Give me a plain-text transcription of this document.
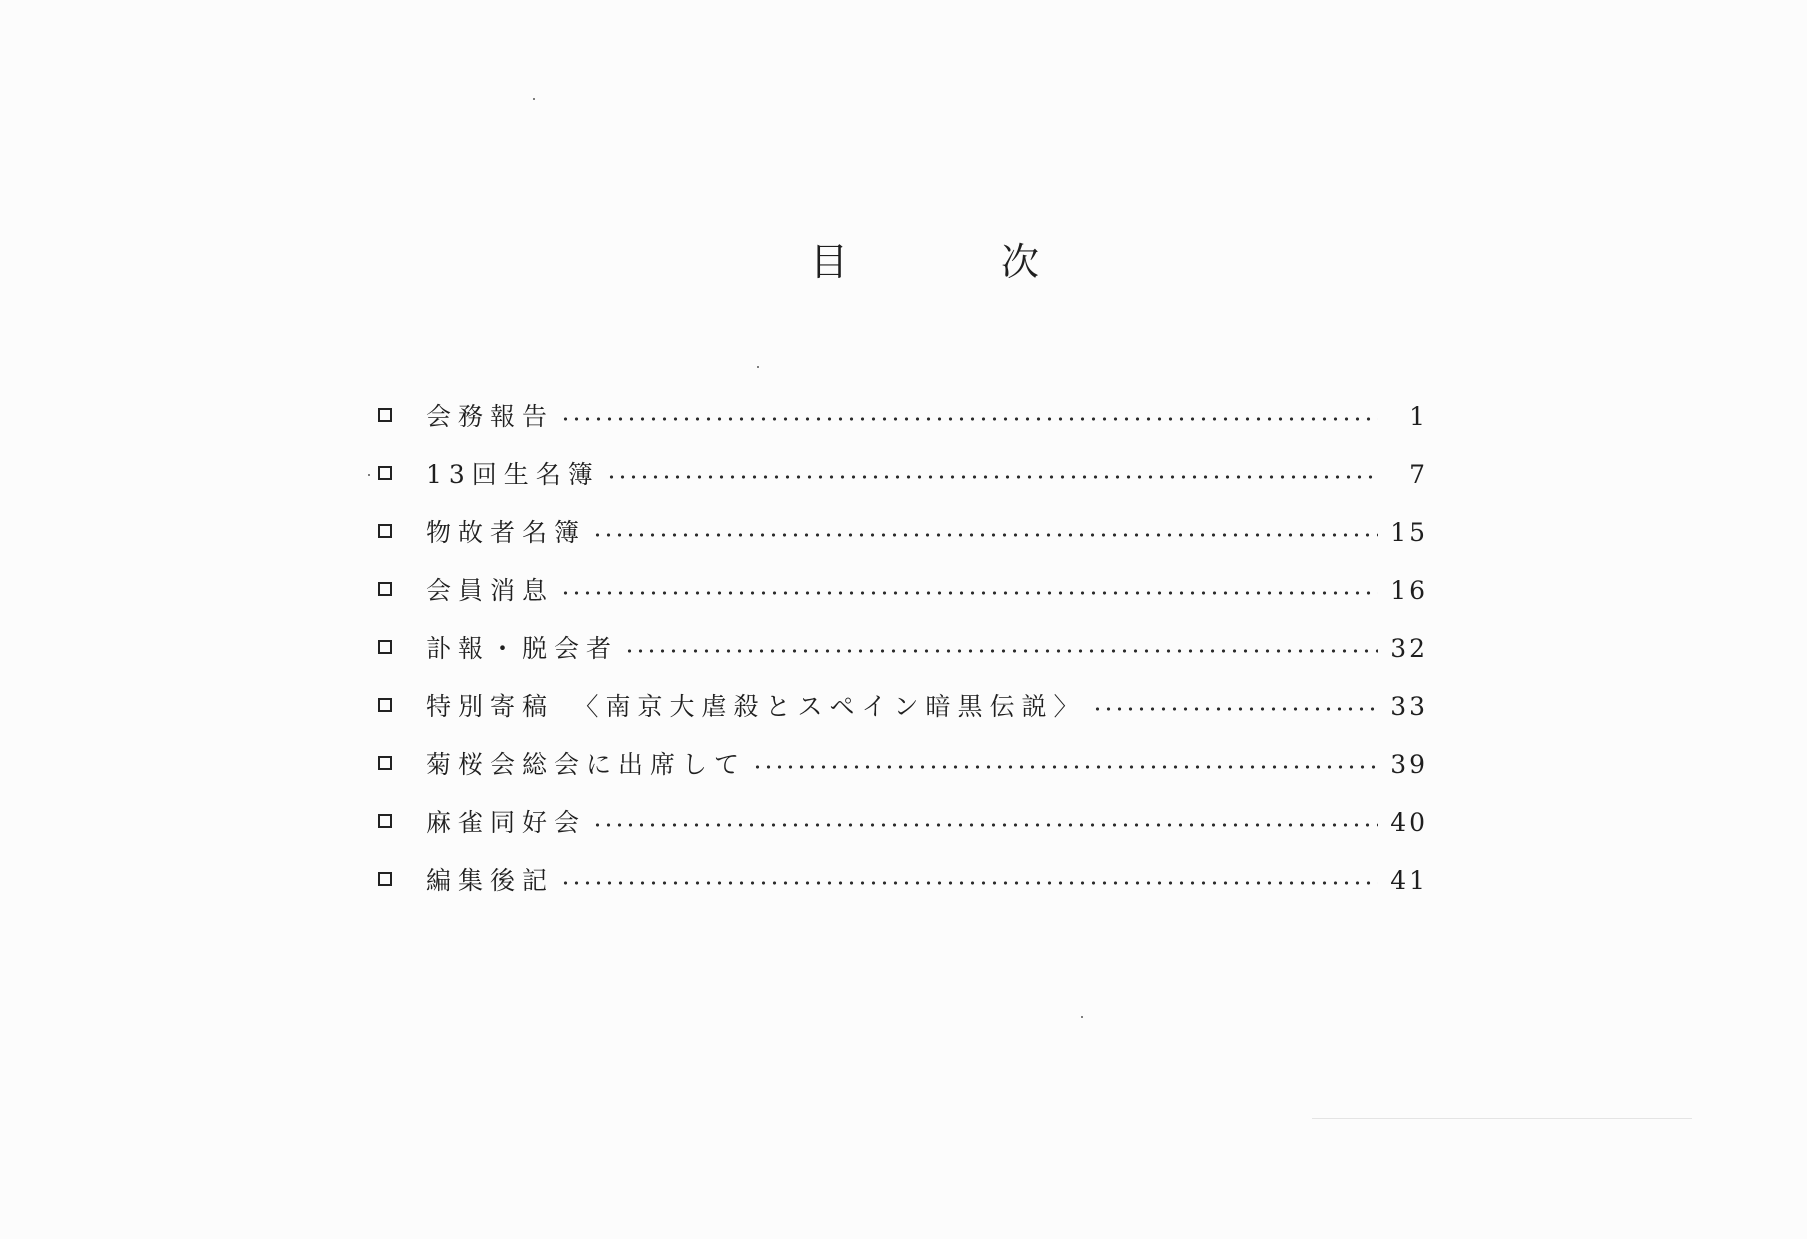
目	次
会務報告	1
13回生名簿	7
物故者名簿	15
会員消息	16
訃報・脱会者	32
特別寄稿　〈南京大虐殺とスペイン暗黒伝説〉	33
菊桜会総会に出席して	39
麻雀同好会	40
編集後記	41
